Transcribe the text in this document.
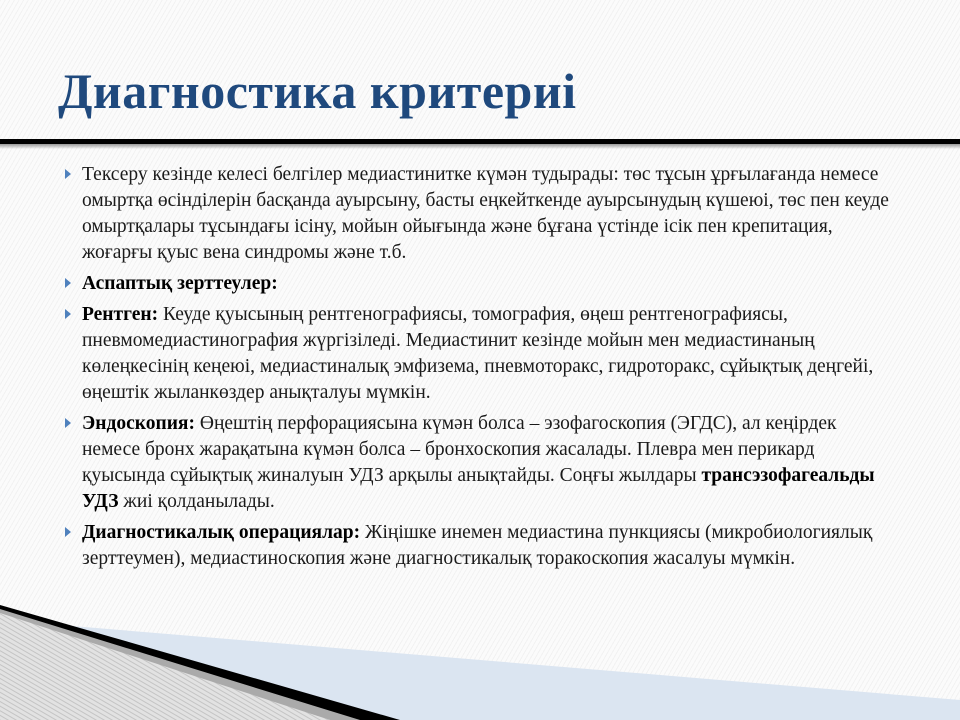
Диагностика критериі
Тексеру кезінде келесі белгілер медиастинитке күмән тудырады: төс тұсын ұрғылағанда немесе омыртқа өсінділерін басқанда ауырсыну, басты еңкейткенде ауырсынудың күшеюі, төс пен кеуде омыртқалары тұсындағы ісіну, мойын ойығында және бұғана үстінде ісік пен крепитация, жоғарғы қуыс вена синдромы және т.б.
Аспаптық зерттеулер:
Рентген: Кеуде қуысының рентгенографиясы, томография, өңеш рентгенографиясы, пневмомедиастинография жүргізіледі. Медиастинит кезінде мойын мен медиастинаның көлеңкесінің кеңеюі, медиастиналық эмфизема, пневмоторакс, гидроторакс, сұйықтық деңгейі, өңештік жыланкөздер анықталуы мүмкін.
Эндоскопия: Өңештің перфорациясына күмән болса – эзофагоскопия (ЭГДС), ал кеңірдек немесе бронх жарақатына күмән болса – бронхоскопия жасалады. Плевра мен перикард қуысында сұйықтық жиналуын УДЗ арқылы анықтайды. Соңғы жылдары трансэзофагеальды УДЗ жиі қолданылады.
Диагностикалық операциялар: Жіңішке инемен медиастина пункциясы (микробиологиялық зерттеумен), медиастиноскопия және диагностикалық торакоскопия жасалуы мүмкін.
